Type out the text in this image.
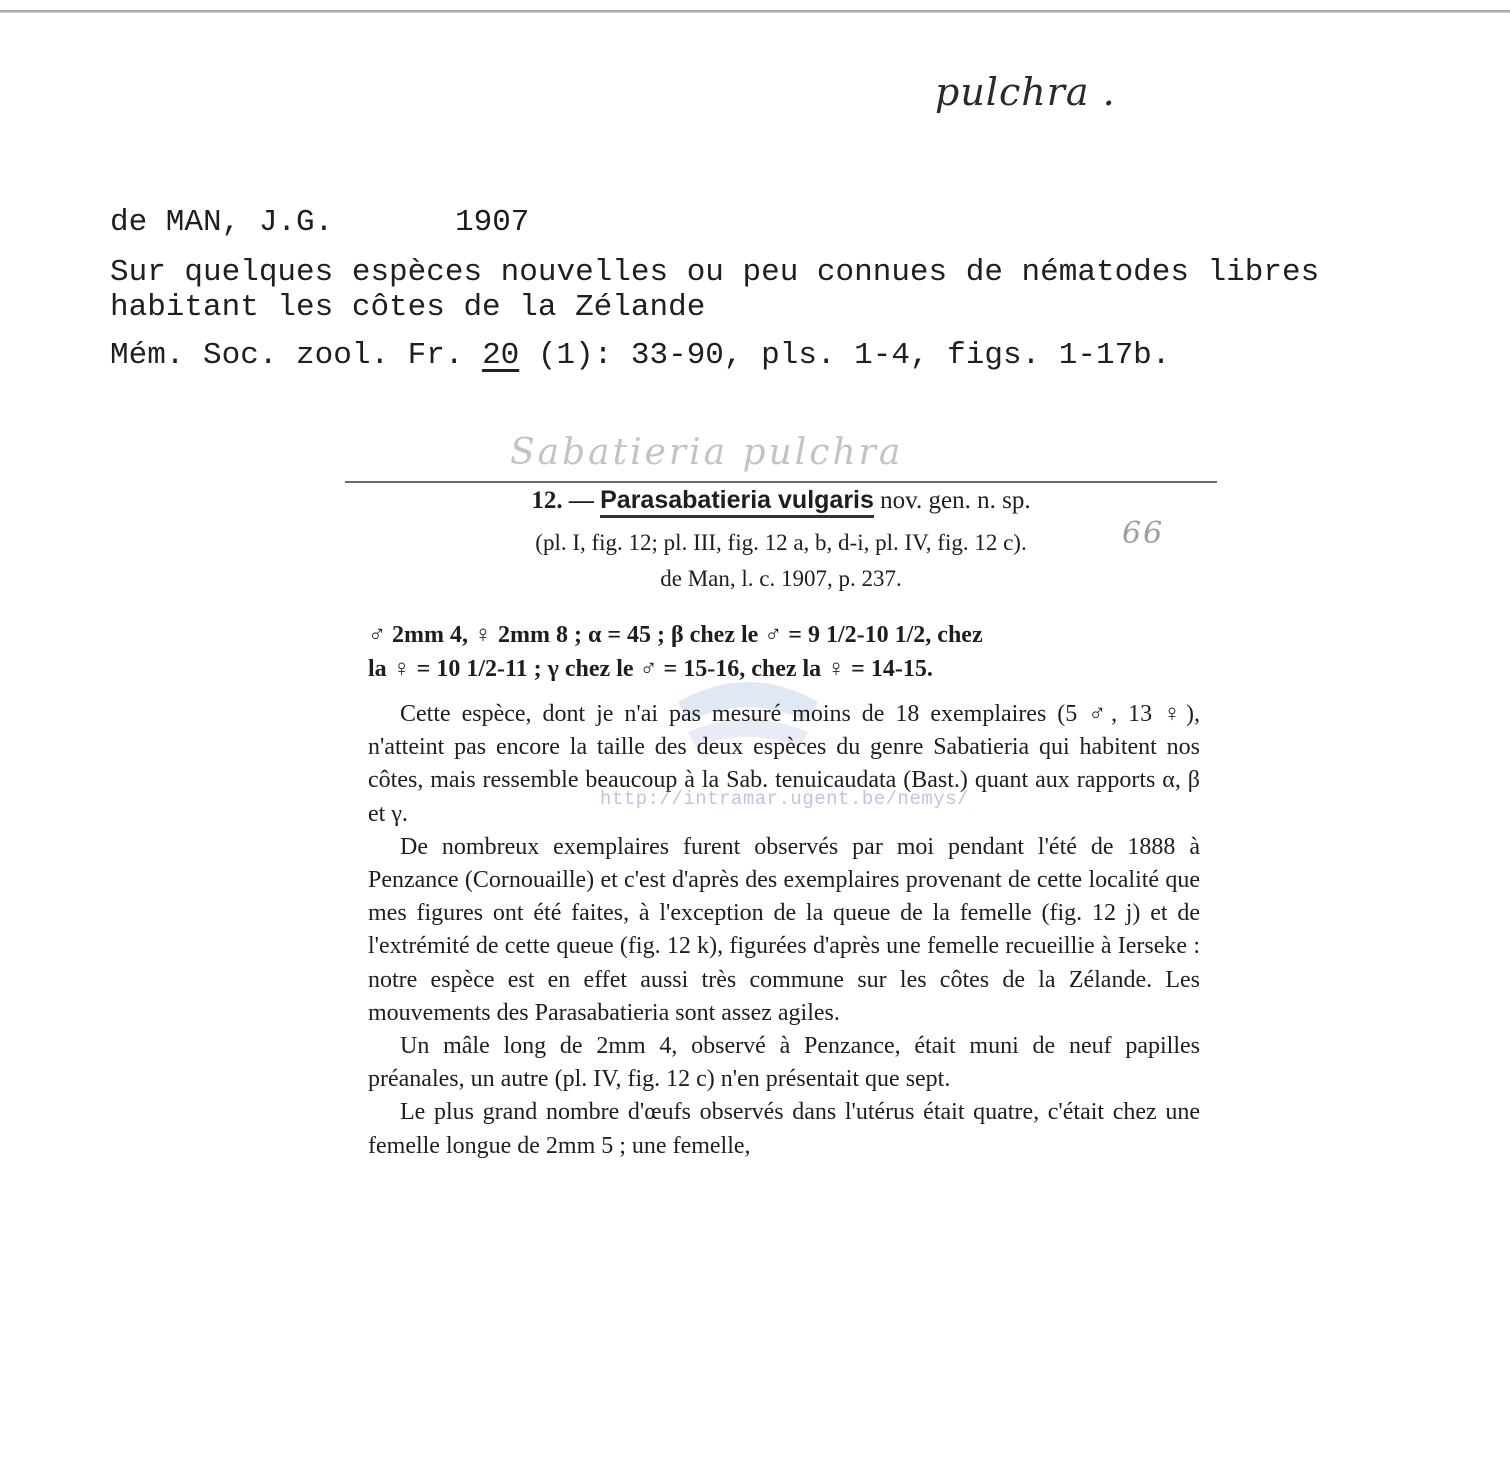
pulchra .
de MAN, J.G.	1907
Sur quelques espèces nouvelles ou peu connues de nématodes libres
habitant les côtes de la Zélande
Mém. Soc. zool. Fr. 20 (1): 33-90, pls. 1-4, figs. 1-17b.
Sabatieria pulchra
12. — Parasabatieria vulgaris nov. gen. n. sp.
(pl. I, fig. 12; pl. III, fig. 12 a, b, d-i, pl. IV, fig. 12 c).	66
de Man, l. c. 1907, p. 237.
♂ 2mm 4, ♀ 2mm 8 ; α = 45 ; β chez le ♂ = 9 1/2-10 1/2, chez
la ♀ = 10 1/2-11 ; γ chez le ♂ = 15-16, chez la ♀ = 14-15.

Cette espèce, dont je n'ai pas mesuré moins de 18 exemplaires (5 ♂, 13 ♀), n'atteint pas encore la taille des deux espèces du genre Sabatieria qui habitent nos côtes, mais ressemble beaucoup à la Sab. tenuicaudata (Bast.) quant aux rapports α, β et γ.

De nombreux exemplaires furent observés par moi pendant l'été de 1888 à Penzance (Cornouaille) et c'est d'après des exemplaires provenant de cette localité que mes figures ont été faites, à l'exception de la queue de la femelle (fig. 12 j) et de l'extrémité de cette queue (fig. 12 k), figurées d'après une femelle recueillie à Ierseke : notre espèce est en effet aussi très commune sur les côtes de la Zélande. Les mouvements des Parasabatieria sont assez agiles.

Un mâle long de 2mm 4, observé à Penzance, était muni de neuf papilles préanales, un autre (pl. IV, fig. 12 c) n'en présentait que sept.

Le plus grand nombre d'œufs observés dans l'utérus était quatre, c'était chez une femelle longue de 2mm 5 ; une femelle,

http://intramar.ugent.be/nemys/
